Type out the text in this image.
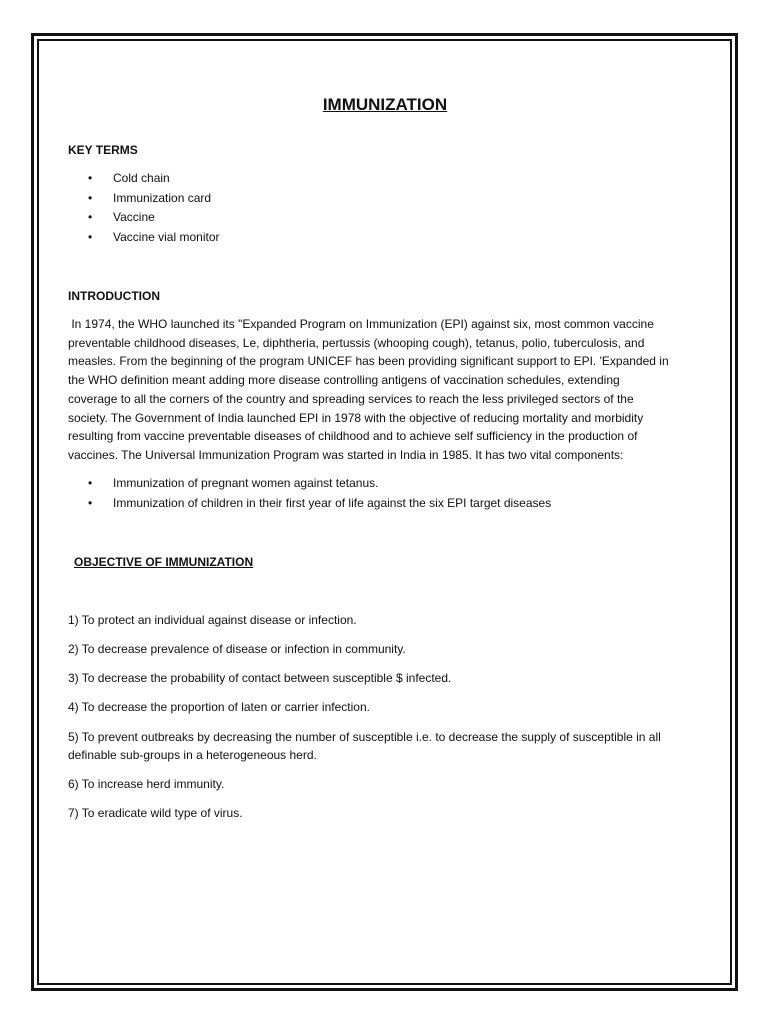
IMMUNIZATION
KEY TERMS
• Cold chain
• Immunization card
• Vaccine
• Vaccine vial monitor
INTRODUCTION
In 1974, the WHO launched its "Expanded Program on Immunization (EPI) against six, most common vaccine
preventable childhood diseases, Le, diphtheria, pertussis (whooping cough), tetanus, polio, tuberculosis, and
measles. From the beginning of the program UNICEF has been providing significant support to EPI. 'Expanded in
the WHO definition meant adding more disease controlling antigens of vaccination schedules, extending
coverage to all the corners of the country and spreading services to reach the less privileged sectors of the
society. The Government of India launched EPI in 1978 with the objective of reducing mortality and morbidity
resulting from vaccine preventable diseases of childhood and to achieve self sufficiency in the production of
vaccines. The Universal Immunization Program was started in India in 1985. It has two vital components:
• Immunization of pregnant women against tetanus.
• Immunization of children in their first year of life against the six EPI target diseases
OBJECTIVE OF IMMUNIZATION
1) To protect an individual against disease or infection.
2) To decrease prevalence of disease or infection in community.
3) To decrease the probability of contact between susceptible $ infected.
4) To decrease the proportion of laten or carrier infection.
5) To prevent outbreaks by decreasing the number of susceptible i.e. to decrease the supply of susceptible in all
definable sub-groups in a heterogeneous herd.
6) To increase herd immunity.
7) To eradicate wild type of virus.
